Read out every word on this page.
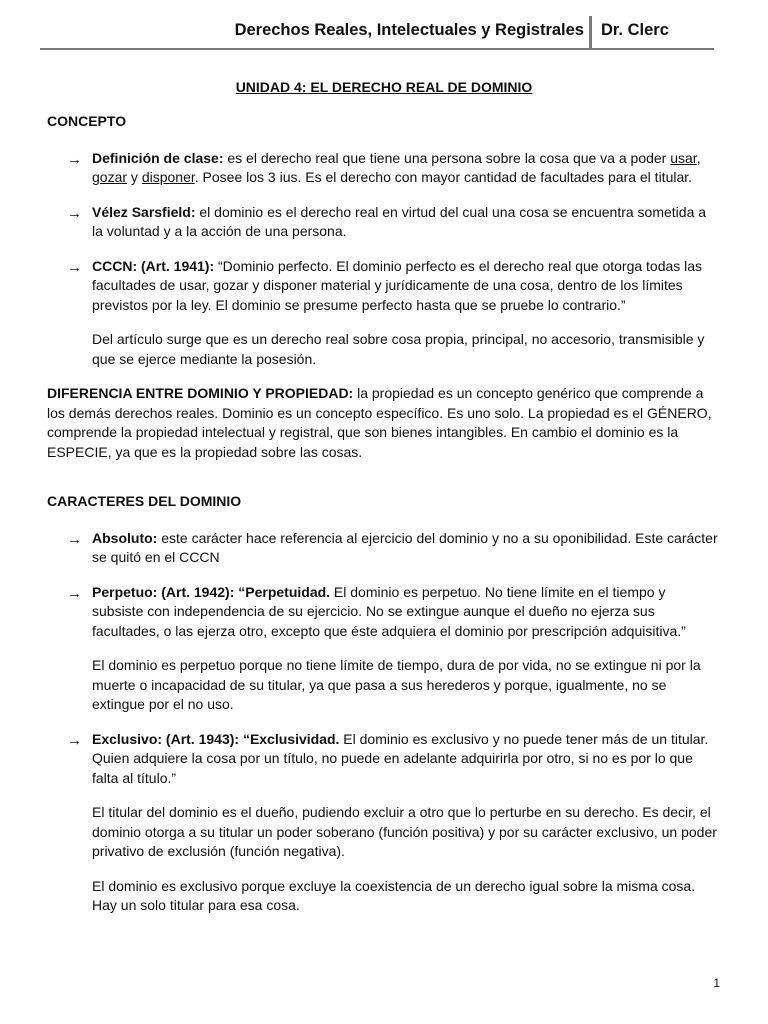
Derechos Reales, Intelectuales y Registrales Dr. Clerc
UNIDAD 4: EL DERECHO REAL DE DOMINIO
CONCEPTO
→ Definición de clase: es el derecho real que tiene una persona sobre la cosa que va a poder usar, gozar y disponer. Posee los 3 ius. Es el derecho con mayor cantidad de facultades para el titular.
→ Vélez Sarsfield: el dominio es el derecho real en virtud del cual una cosa se encuentra sometida a la voluntad y a la acción de una persona.
→ CCCN: (Art. 1941): “Dominio perfecto. El dominio perfecto es el derecho real que otorga todas las facultades de usar, gozar y disponer material y jurídicamente de una cosa, dentro de los límites previstos por la ley. El dominio se presume perfecto hasta que se pruebe lo contrario.”
Del artículo surge que es un derecho real sobre cosa propia, principal, no accesorio, transmisible y que se ejerce mediante la posesión.
DIFERENCIA ENTRE DOMINIO Y PROPIEDAD: la propiedad es un concepto genérico que comprende a los demás derechos reales. Dominio es un concepto específico. Es uno solo. La propiedad es el GÉNERO, comprende la propiedad intelectual y registral, que son bienes intangibles. En cambio el dominio es la ESPECIE, ya que es la propiedad sobre las cosas.
CARACTERES DEL DOMINIO
→ Absoluto: este carácter hace referencia al ejercicio del dominio y no a su oponibilidad. Este carácter se quitó en el CCCN
→ Perpetuo: (Art. 1942): “Perpetuidad. El dominio es perpetuo. No tiene límite en el tiempo y subsiste con independencia de su ejercicio. No se extingue aunque el dueño no ejerza sus facultades, o las ejerza otro, excepto que éste adquiera el dominio por prescripción adquisitiva.”
El dominio es perpetuo porque no tiene límite de tiempo, dura de por vida, no se extingue ni por la muerte o incapacidad de su titular, ya que pasa a sus herederos y porque, igualmente, no se extingue por el no uso.
→ Exclusivo: (Art. 1943): “Exclusividad. El dominio es exclusivo y no puede tener más de un titular. Quien adquiere la cosa por un título, no puede en adelante adquirirla por otro, si no es por lo que falta al título.”
El titular del dominio es el dueño, pudiendo excluir a otro que lo perturbe en su derecho. Es decir, el dominio otorga a su titular un poder soberano (función positiva) y por su carácter exclusivo, un poder privativo de exclusión (función negativa).
El dominio es exclusivo porque excluye la coexistencia de un derecho igual sobre la misma cosa. Hay un solo titular para esa cosa.
1
